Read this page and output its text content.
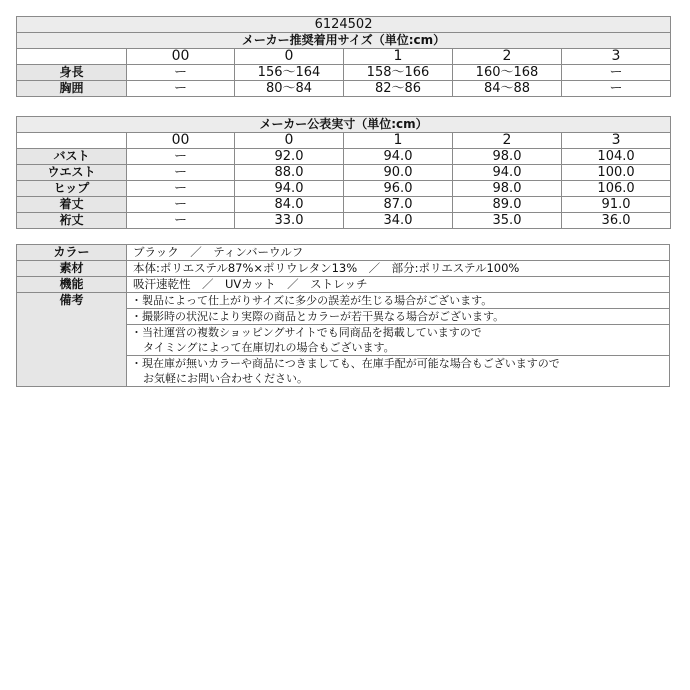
6124502					
メーカー推奨着用サイズ（単位:cm）					
	00	0	1	2	3
身長	ー	156〜164	158〜166	160〜168	ー
胸囲	ー	80〜84	82〜86	84〜88	ー
メーカー公表実寸（単位:cm）					
	00	0	1	2	3
バスト	ー	92.0	94.0	98.0	104.0
ウエスト	ー	88.0	90.0	94.0	100.0
ヒップ	ー	94.0	96.0	98.0	106.0
着丈	ー	84.0	87.0	89.0	91.0
裄丈	ー	33.0	34.0	35.0	36.0
カラー	ブラック　／　ティンバーウルフ
素材	本体:ポリエステル87%×ポリウレタン13%　／　部分:ポリエステル100%
機能	吸汗速乾性　／　UVカット　／　ストレッチ
備考	・製品によって仕上がりサイズに多少の誤差が生じる場合がございます。
	・撮影時の状況により実際の商品とカラーが若干異なる場合がございます。

	・当社運営の複数ショッピングサイトでも同商品を掲載していますので
タイミングによって在庫切れの場合もございます。

	・現在庫が無いカラーや商品につきましても、在庫手配が可能な場合もございますので
お気軽にお問い合わせください。
